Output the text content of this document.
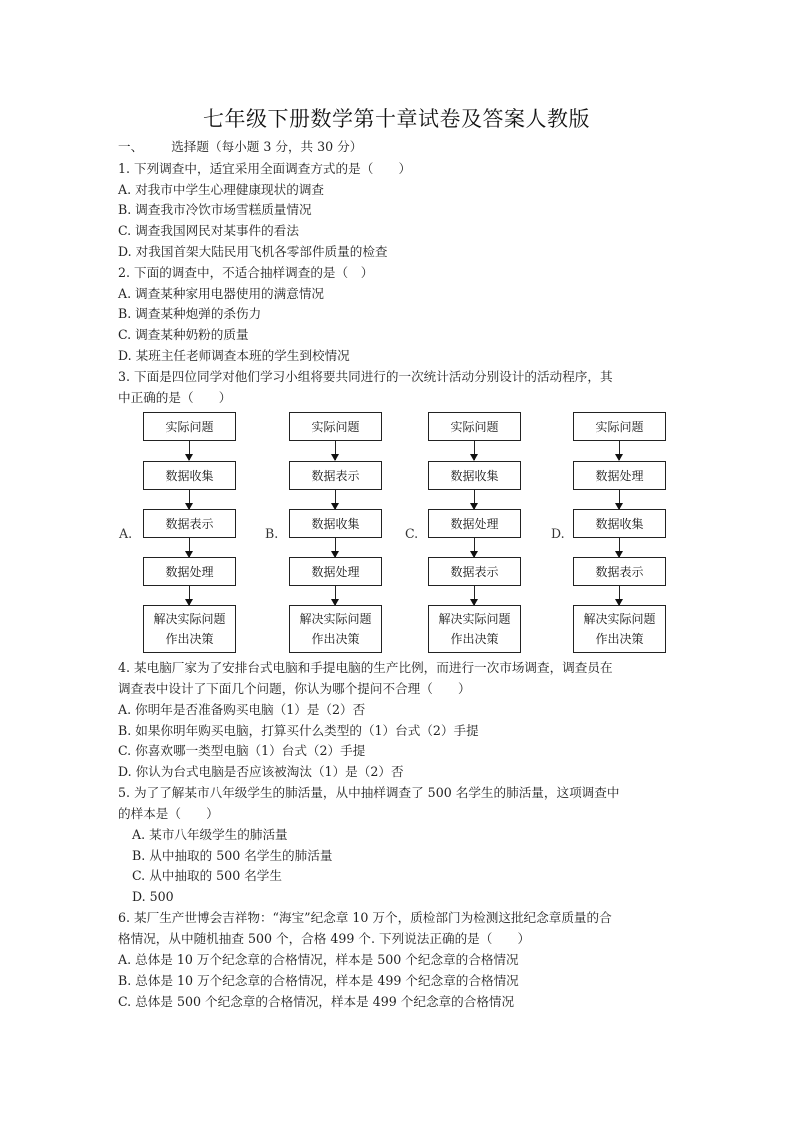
七年级下册数学第十章试卷及答案人教版
一、 选择题（每小题 3 分，共 30 分）
1. 下列调查中，适宜采用全面调查方式的是（　　）
A. 对我市中学生心理健康现状的调查
B. 调查我市冷饮市场雪糕质量情况
C. 调查我国网民对某事件的看法
D. 对我国首架大陆民用飞机各零部件质量的检查
2. 下面的调查中，不适合抽样调查的是（　）
A. 调查某种家用电器使用的满意情况
B. 调查某种炮弹的杀伤力
C. 调查某种奶粉的质量
D. 某班主任老师调查本班的学生到校情况
3. 下面是四位同学对他们学习小组将要共同进行的一次统计活动分别设计的活动程序，其
中正确的是（　　）
A.
实际问题
数据收集
数据表示
数据处理
解决实际问题
作出决策
B.
实际问题
数据表示
数据收集
数据处理
解决实际问题
作出决策
C.
实际问题
数据收集
数据处理
数据表示
解决实际问题
作出决策
D.
实际问题
数据处理
数据收集
数据表示
解决实际问题
作出决策
4. 某电脑厂家为了安排台式电脑和手提电脑的生产比例，而进行一次市场调查，调查员在
调查表中设计了下面几个问题，你认为哪个提问不合理（　　）
A. 你明年是否准备购买电脑（1）是（2）否
B. 如果你明年购买电脑，打算买什么类型的（1）台式（2）手提
C. 你喜欢哪一类型电脑（1）台式（2）手提
D. 你认为台式电脑是否应该被淘汰（1）是（2）否
5. 为了了解某市八年级学生的肺活量，从中抽样调查了 500 名学生的肺活量，这项调查中
的样本是（　　）
A. 某市八年级学生的肺活量
B. 从中抽取的 500 名学生的肺活量
C. 从中抽取的 500 名学生
D. 500
6. 某厂生产世博会吉祥物：“海宝”纪念章 10 万个，质检部门为检测这批纪念章质量的合
格情况，从中随机抽查 500 个，合格 499 个. 下列说法正确的是（　　）
A. 总体是 10 万个纪念章的合格情况，样本是 500 个纪念章的合格情况
B. 总体是 10 万个纪念章的合格情况，样本是 499 个纪念章的合格情况
C. 总体是 500 个纪念章的合格情况，样本是 499 个纪念章的合格情况
